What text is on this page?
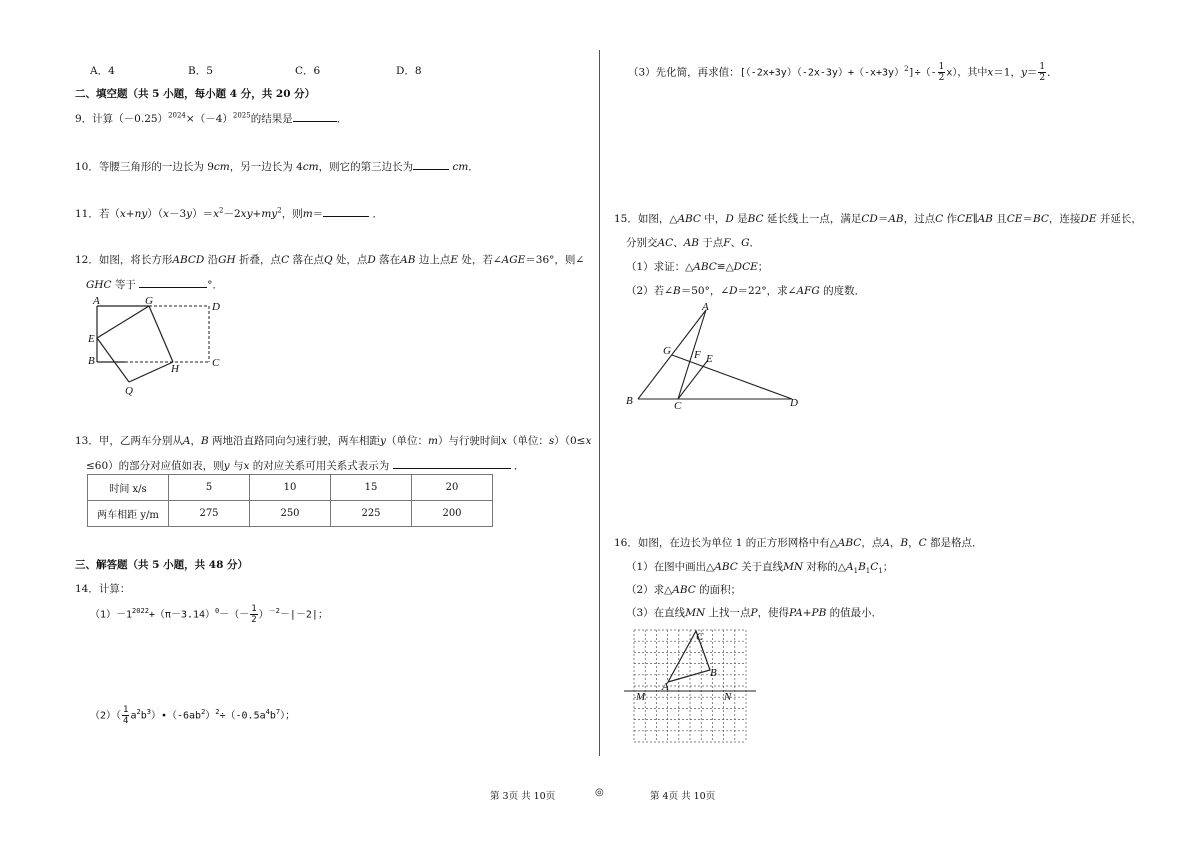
A．4	B．5	C．6	D．8
二、填空题（共 5 小题，每小题 4 分，共 20 分）
9．计算$(-0.25)^{2024}\times(-4)^{2025}$的结果是	．
10．等腰三角形的一边长为 9cm，另一边长为 4cm，则它的第三边长为	cm．
11．若$(x+ny)(x-3y)=x^2-2xy+my^2$，则m＝	．
12．如图，将长方形ABCD 沿GH 折叠，点C 落在点Q 处，点D 落在AB 边上点E 处，若∠AGE＝36°，则∠
GHC 等于	°．
A	G	D
E
B
H	C
Q
13．甲，乙两车分别从A，B 两地沿直路同向匀速行驶，两车相距y（单位：m）与行驶时间x（单位：s）（0≤x
≤60）的部分对应值如表，则y 与x 的对应关系可用关系式表示为	．
时间 x/s	5	10	15	20
两车相距 y/m	275	250	225	200
三、解答题（共 5 小题，共 48 分）
14．计算：
$(1)-1^{2022}+(\pi-3.14)^0-(- \frac{1}{2} )^{-2}-|-2|$；
$(2)( \frac{1}{4}$ $a^2b^3)•(-6ab^2)^2\div(-0.5a^4b^7)$；
（3）先化简，再求值：$[(-2x+3y)(-2x-3y)+(-x+3y)^2]\div(- \frac{1}{2} x)$，其中x＝1，$y= \frac{1}{2}$ ．
15．如图，△ABC 中，D 是BC 延长线上一点，满足CD＝AB，过点C 作CE∥AB 且CE＝BC，连接DE 并延长，
分别交AC、AB 于点F、G．
（1）求证：△ABC≌△DCE；
（2）若∠B＝50°，∠D＝22°，求∠AFG 的度数．
A
G F E
B	C	D
16．如图，在边长为单位 1 的正方形网格中有△ABC，点A，B，C 都是格点．
（1）在图中画出△ABC 关于直线MN 对称的$\triangle A_1B_1C_1$；
（2）求△ABC 的面积；
（3）在直线MN 上找一点P，使得PA+PB 的值最小．
C
B
A
M	N
第 3页 共 10页	◎	第 4页 共 10页
